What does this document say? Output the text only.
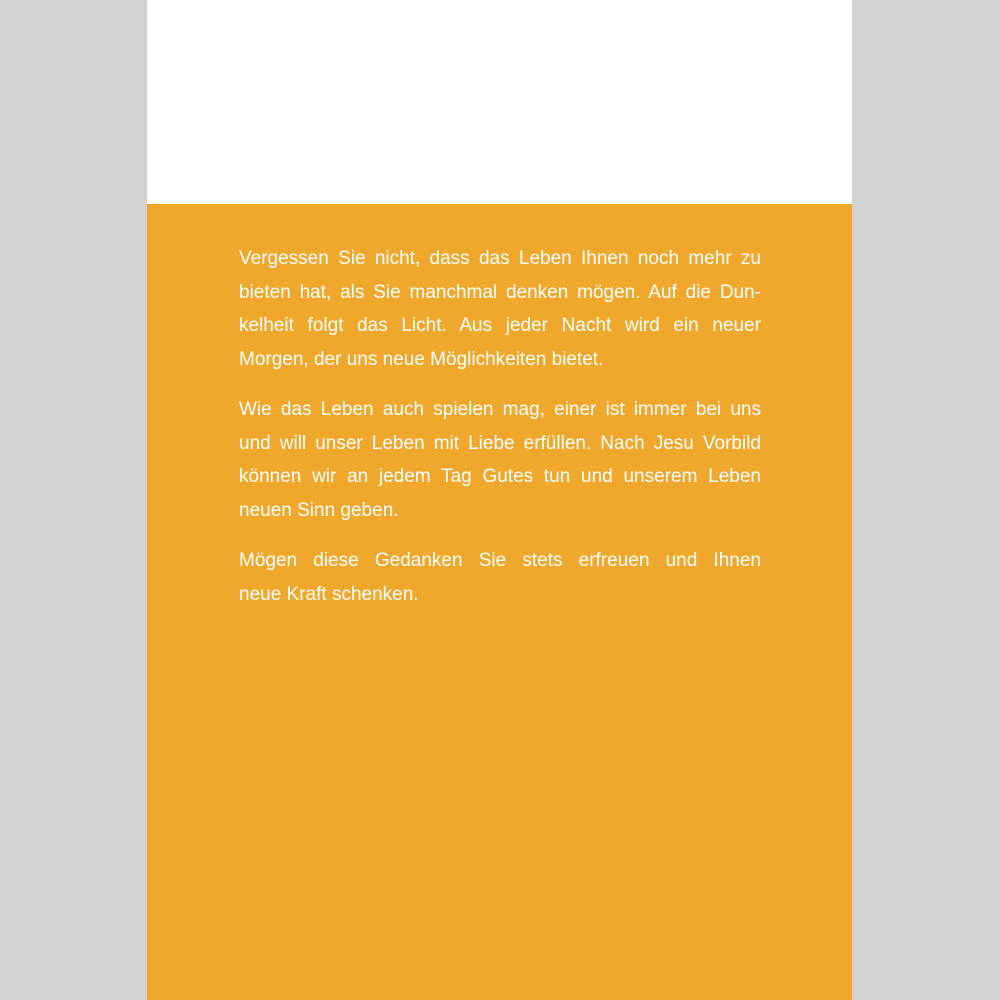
Vergessen Sie nicht, dass das Leben Ihnen noch mehr zu
bieten hat, als Sie manchmal denken mögen. Auf die Dun-
kelheit folgt das Licht. Aus jeder Nacht wird ein neuer
Morgen, der uns neue Möglichkeiten bietet.

Wie das Leben auch spielen mag, einer ist immer bei uns
und will unser Leben mit Liebe erfüllen. Nach Jesu Vorbild
können wir an jedem Tag Gutes tun und unserem Leben
neuen Sinn geben.

Mögen diese Gedanken Sie stets erfreuen und Ihnen
neue Kraft schenken.
